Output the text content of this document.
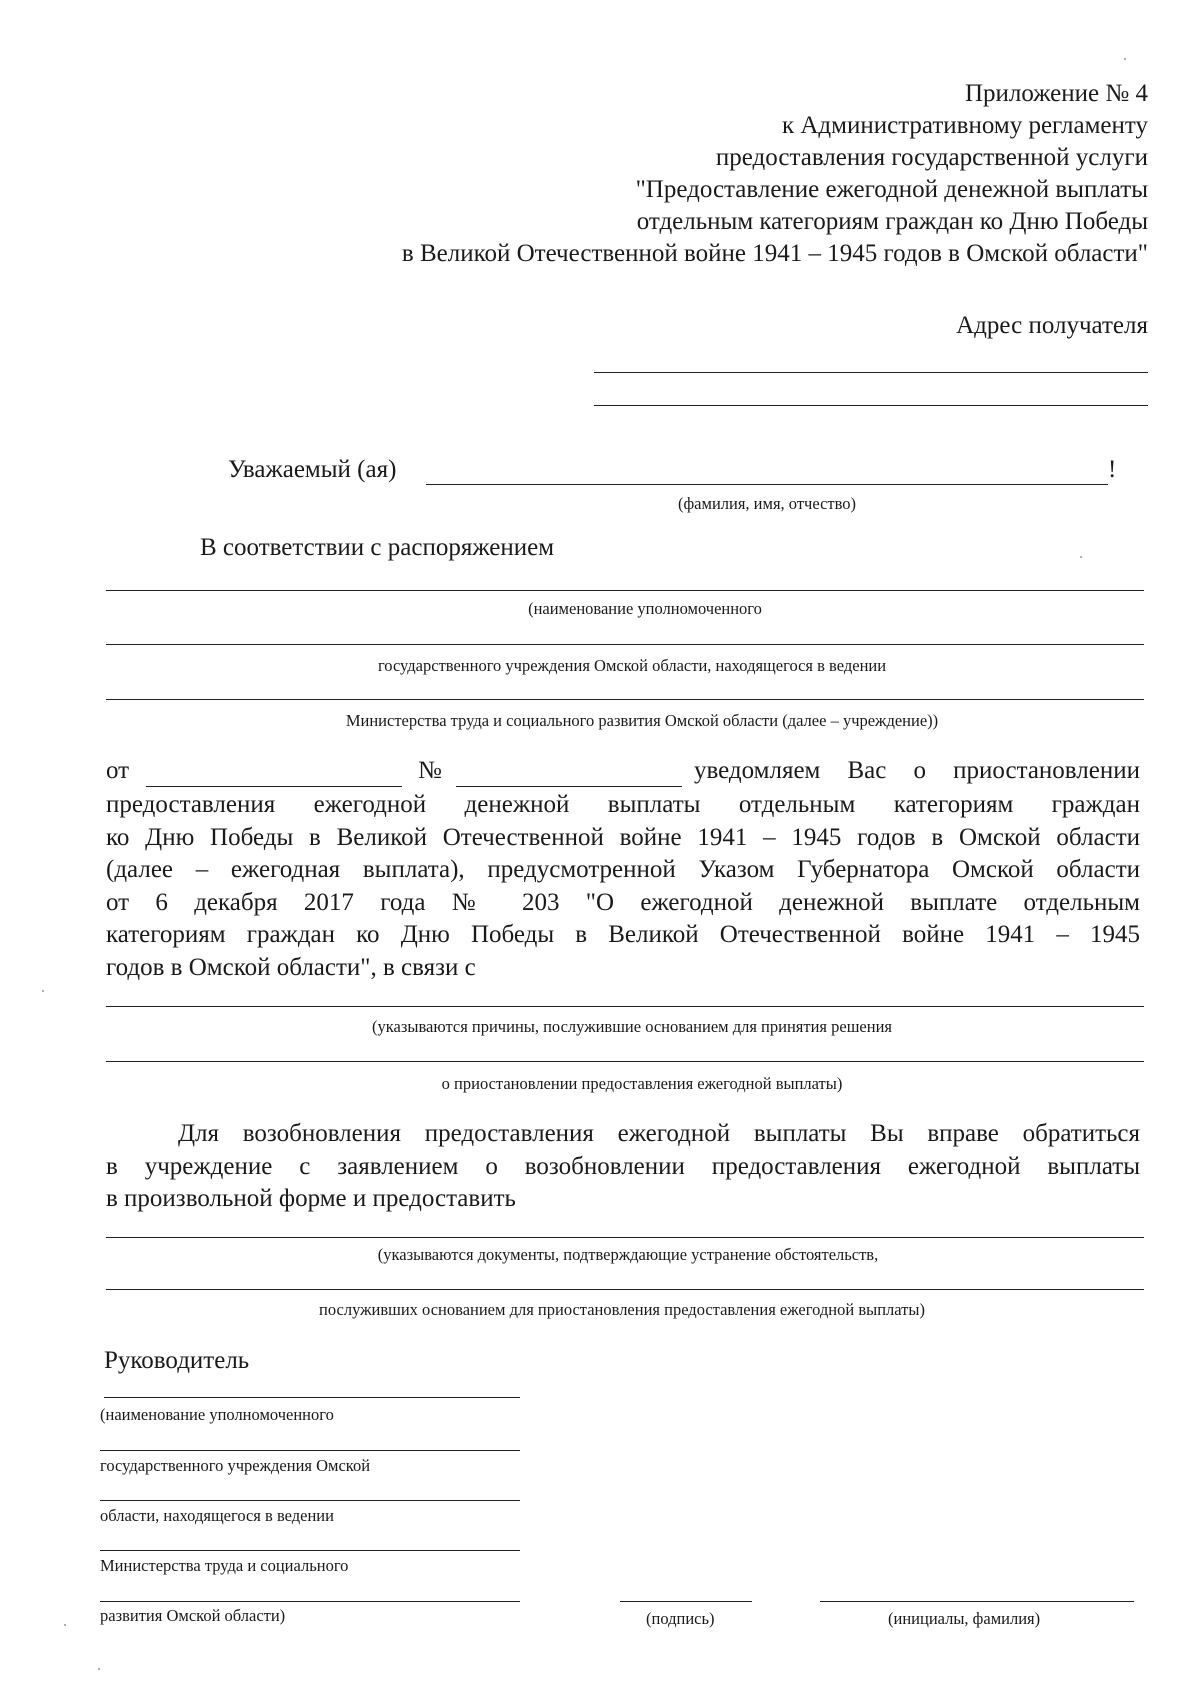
Приложение № 4
к Административному регламенту
предоставления государственной услуги
"Предоставление ежегодной денежной выплаты
отдельным категориям граждан ко Дню Победы
в Великой Отечественной войне 1941 – 1945 годов в Омской области"
Адрес получателя
Уважаемый (ая)	!
(фамилия, имя, отчество)
В соответствии с распоряжением
(наименование уполномоченного
государственного учреждения Омской области, находящегося в ведении
Министерства труда и социального развития Омской области (далее – учреждение))
от	№	уведомляем Вас о приостановлении
предоставления ежегодной денежной выплаты отдельным категориям граждан
ко Дню Победы в Великой Отечественной войне 1941 – 1945 годов в Омской области
(далее – ежегодная выплата), предусмотренной Указом Губернатора Омской области
от 6 декабря 2017 года № 203 "О ежегодной денежной выплате отдельным
категориям граждан ко Дню Победы в Великой Отечественной войне 1941 – 1945
годов в Омской области", в связи с
(указываются причины, послужившие основанием для принятия решения
о приостановлении предоставления ежегодной выплаты)
Для возобновления предоставления ежегодной выплаты Вы вправе обратиться
в учреждение с заявлением о возобновлении предоставления ежегодной выплаты
в произвольной форме и предоставить
(указываются документы, подтверждающие устранение обстоятельств,
послуживших основанием для приостановления предоставления ежегодной выплаты)
Руководитель
(наименование уполномоченного
государственного учреждения Омской
области, находящегося в ведении
Министерства труда и социального
развития Омской области)	(подпись)	(инициалы, фамилия)
